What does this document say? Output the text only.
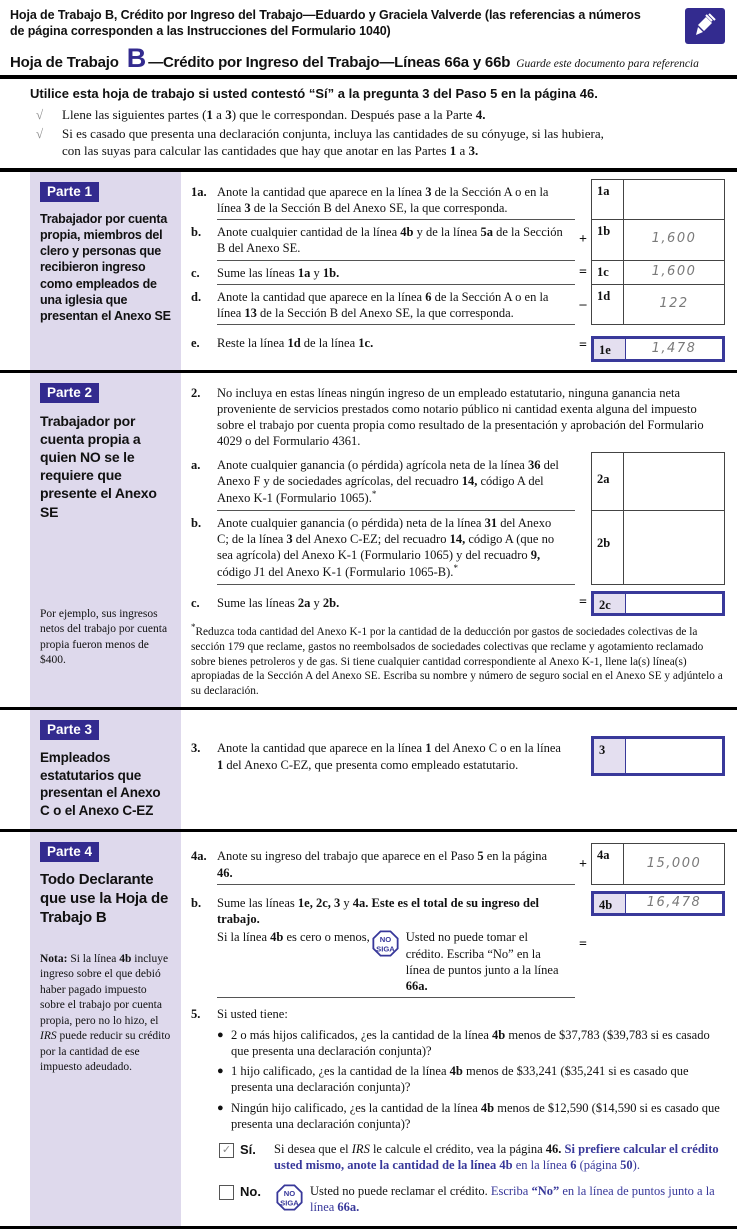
Hoja de Trabajo B, Crédito por Ingreso del Trabajo—Eduardo y Graciela Valverde (las referencias a números de página corresponden a las Instrucciones del Formulario 1040)
Hoja de Trabajo B —Crédito por Ingreso del Trabajo—Líneas 66a y 66b Guarde este documento para referencia
Utilice esta hoja de trabajo si usted contestó “Sí” a la pregunta 3 del Paso 5 en la página 46.
√	Llene las siguientes partes (1 a 3) que le correspondan. Después pase a la Parte 4.
√	Si es casado que presenta una declaración conjunta, incluya las cantidades de su cónyuge, si las hubiera, con las suyas para calcular las cantidades que hay que anotar en las Partes 1 a 3.
Parte 1
Trabajador por cuenta propia, miembros del clero y personas que recibieron ingreso como empleados de una iglesia que presentan el Anexo SE
1a. Anote la cantidad que aparece en la línea 3 de la Sección A o en la línea 3 de la Sección B del Anexo SE, la que corresponda.
1a
b.	Anote cualquier cantidad de la línea 4b y de la línea 5a de la Sección B del Anexo SE.
+
1b
1,600
c.	Sume las líneas 1a y 1b.	= 1c	1,600
d.	Anote la cantidad que aparece en la línea 6 de la Sección A o en la línea 13 de la Sección B del Anexo SE, la que corresponda.
–
1d
122
e.	Reste la línea 1d de la línea 1c.	= 1e	1,478
Parte 2
Trabajador por cuenta propia a quien NO se le requiere que presente el Anexo SE
Por ejemplo, sus ingresos netos del trabajo por cuenta propia fueron menos de $400.
2.	No incluya en estas líneas ningún ingreso de un empleado estatutario, ninguna ganancia neta proveniente de servicios prestados como notario público ni cantidad exenta alguna del impuesto sobre el trabajo por cuenta propia como resultado de la presentación y aprobación del Formulario 4029 o del Formulario 4361.
a.	Anote cualquier ganancia (o pérdida) agrícola neta de la línea 36 del Anexo F y de sociedades agrícolas, del recuadro 14, código A del Anexo K-1 (Formulario 1065).*
2a
b.	Anote cualquier ganancia (o pérdida) neta de la línea 31 del Anexo C; de la línea 3 del Anexo C-EZ; del recuadro 14, código A (que no sea agrícola) del Anexo K-1 (Formulario 1065) y del recuadro 9, código J1 del Anexo K-1 (Formulario 1065-B).*
2b
c.	Sume las líneas 2a y 2b.	= 2c
*Reduzca toda cantidad del Anexo K-1 por la cantidad de la deducción por gastos de sociedades colectivas de la sección 179 que reclame, gastos no reembolsados de sociedades colectivas que reclame y agotamiento reclamado sobre bienes petroleros y de gas. Si tiene cualquier cantidad correspondiente al Anexo K-1, llene la(s) línea(s) apropiadas de la Sección A del Anexo SE. Escriba su nombre y número de seguro social en el Anexo SE y adjúntelo a su declaración.
Parte 3
Empleados estatutarios que presentan el Anexo C o el Anexo C-EZ
3.	Anote la cantidad que aparece en la línea 1 del Anexo C o en la línea 1 del Anexo C-EZ, que presenta como empleado estatutario.
3
Parte 4
Todo Declarante que use la Hoja de Trabajo B
Nota: Si la línea 4b incluye ingreso sobre el que debió haber pagado impuesto sobre el trabajo por cuenta propia, pero no lo hizo, el IRS puede reducir su crédito por la cantidad de ese impuesto adeudado.
4a. Anote su ingreso del trabajo que aparece en el Paso 5 en la página 46.
+
4a
15,000
b.	Sume las líneas 1e, 2c, 3 y 4a. Este es el total de su ingreso del trabajo.
Si la línea 4b es cero o menos, NO
SIGA
Usted no puede tomar el crédito. Escriba “No” en la línea de puntos junto a la línea 66a.
=
4b	16,478
5.	Si usted tiene:
● 2 o más hijos calificados, ¿es la cantidad de la línea 4b menos de $37,783 ($39,783 si es casado que presenta una declaración conjunta)?
● 1 hijo calificado, ¿es la cantidad de la línea 4b menos de $33,241 ($35,241 si es casado que presenta una declaración conjunta)?
● Ningún hijo calificado, ¿es la cantidad de la línea 4b menos de $12,590 ($14,590 si es casado que presenta una declaración conjunta)?
✓ Sí.	Si desea que el IRS le calcule el crédito, vea la página 46. Si prefiere calcular el crédito usted mismo, anote la cantidad de la línea 4b en la línea 6 (página 50).
No.	NO
SIGA
Usted no puede reclamar el crédito. Escriba “No” en la línea de puntos junto a la línea 66a.
